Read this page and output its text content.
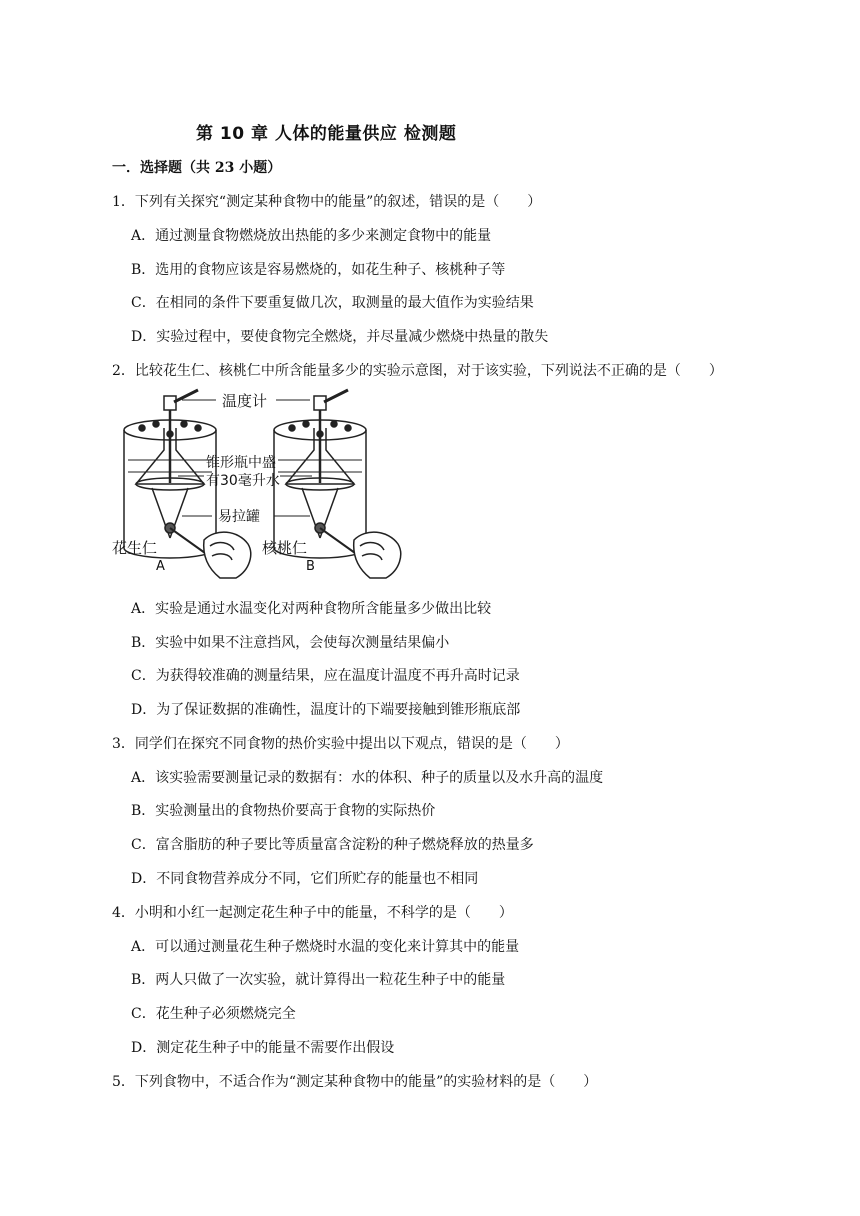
第 10 章 人体的能量供应 检测题
一．选择题（共 23 小题）
1．下列有关探究“测定某种食物中的能量”的叙述，错误的是（　　）
A．通过测量食物燃烧放出热能的多少来测定食物中的能量
B．选用的食物应该是容易燃烧的，如花生种子、核桃种子等
C．在相同的条件下要重复做几次，取测量的最大值作为实验结果
D．实验过程中，要使食物完全燃烧，并尽量减少燃烧中热量的散失
2．比较花生仁、核桃仁中所含能量多少的实验示意图，对于该实验，下列说法不正确的是（　　）
温度计
锥形瓶中盛
有30毫升水
易拉罐
花生仁
A
核桃仁
B
A．实验是通过水温变化对两种食物所含能量多少做出比较
B．实验中如果不注意挡风，会使每次测量结果偏小
C．为获得较准确的测量结果，应在温度计温度不再升高时记录
D．为了保证数据的准确性，温度计的下端要接触到锥形瓶底部
3．同学们在探究不同食物的热价实验中提出以下观点，错误的是（　　）
A．该实验需要测量记录的数据有：水的体积、种子的质量以及水升高的温度
B．实验测量出的食物热价要高于食物的实际热价
C．富含脂肪的种子要比等质量富含淀粉的种子燃烧释放的热量多
D．不同食物营养成分不同，它们所贮存的能量也不相同
4．小明和小红一起测定花生种子中的能量，不科学的是（　　）
A．可以通过测量花生种子燃烧时水温的变化来计算其中的能量
B．两人只做了一次实验，就计算得出一粒花生种子中的能量
C．花生种子必须燃烧完全
D．测定花生种子中的能量不需要作出假设
5．下列食物中，不适合作为“测定某种食物中的能量”的实验材料的是（　　）
